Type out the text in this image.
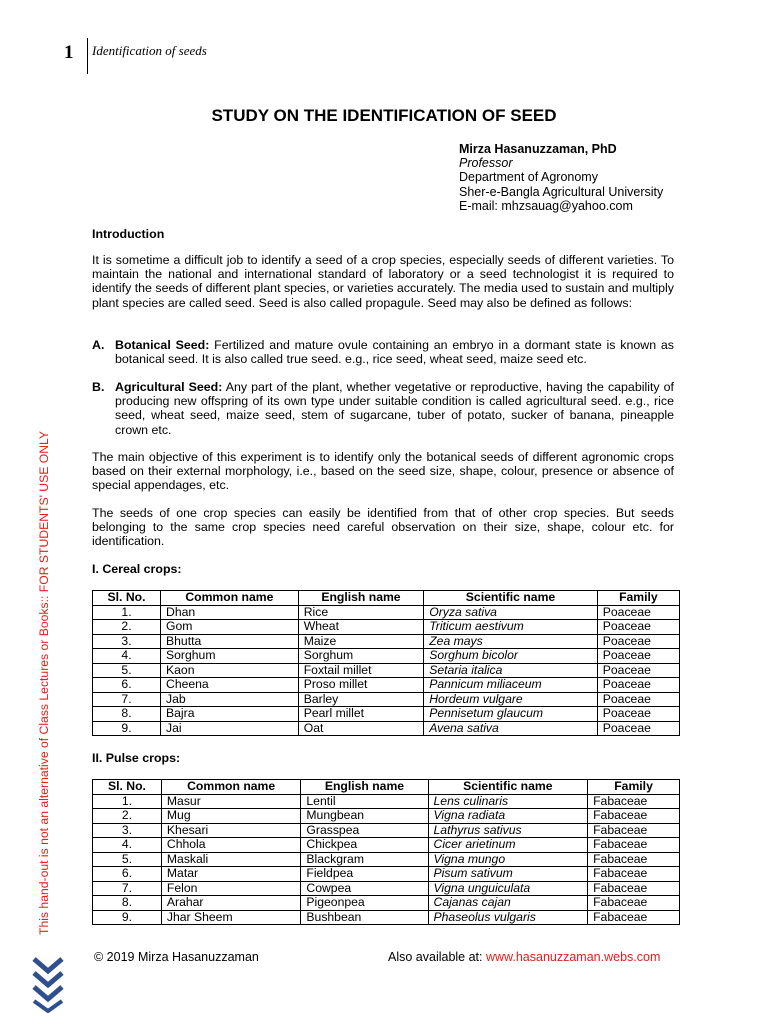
1 Identification of seeds
STUDY ON THE IDENTIFICATION OF SEED
Mirza Hasanuzzaman, PhD
Professor
Department of Agronomy
Sher-e-Bangla Agricultural University
E-mail: mhzsauag@yahoo.com
Introduction
It is sometime a difficult job to identify a seed of a crop species, especially seeds of different varieties. To maintain the national and international standard of laboratory or a seed technologist it is required to identify the seeds of different plant species, or varieties accurately. The media used to sustain and multiply plant species are called seed. Seed is also called propagule. Seed may also be defined as follows:
A. Botanical Seed: Fertilized and mature ovule containing an embryo in a dormant state is known as botanical seed. It is also called true seed. e.g., rice seed, wheat seed, maize seed etc.
B. Agricultural Seed: Any part of the plant, whether vegetative or reproductive, having the capability of producing new offspring of its own type under suitable condition is called agricultural seed. e.g., rice seed, wheat seed, maize seed, stem of sugarcane, tuber of potato, sucker of banana, pineapple crown etc.
The main objective of this experiment is to identify only the botanical seeds of different agronomic crops based on their external morphology, i.e., based on the seed size, shape, colour, presence or absence of special appendages, etc.
The seeds of one crop species can easily be identified from that of other crop species. But seeds belonging to the same crop species need careful observation on their size, shape, colour etc. for identification.
I. Cereal crops:
Sl. No.	Common name	English name	Scientific name	Family
1.	Dhan	Rice	Oryza sativa	Poaceae
2.	Gom	Wheat	Triticum aestivum	Poaceae
3.	Bhutta	Maize	Zea mays	Poaceae
4.	Sorghum	Sorghum	Sorghum bicolor	Poaceae
5.	Kaon	Foxtail millet	Setaria italica	Poaceae
6.	Cheena	Proso millet	Pannicum miliaceum	Poaceae
7.	Jab	Barley	Hordeum vulgare	Poaceae
8.	Bajra	Pearl millet	Pennisetum glaucum	Poaceae
9.	Jai	Oat	Avena sativa	Poaceae
II. Pulse crops:
Sl. No.	Common name	English name	Scientific name	Family
1.	Masur	Lentil	Lens culinaris	Fabaceae
2.	Mug	Mungbean	Vigna radiata	Fabaceae
3.	Khesari	Grasspea	Lathyrus sativus	Fabaceae
4.	Chhola	Chickpea	Cicer arietinum	Fabaceae
5.	Maskali	Blackgram	Vigna mungo	Fabaceae
6.	Matar	Fieldpea	Pisum sativum	Fabaceae
7.	Felon	Cowpea	Vigna unguiculata	Fabaceae
8.	Arahar	Pigeonpea	Cajanas cajan	Fabaceae
9.	Jhar Sheem	Bushbean	Phaseolus vulgaris	Fabaceae
This hand-out is not an alternative of Class Lectures or Books:: FOR STUDENTS' USE ONLY
© 2019 Mirza Hasanuzzaman	Also available at: www.hasanuzzaman.webs.com
